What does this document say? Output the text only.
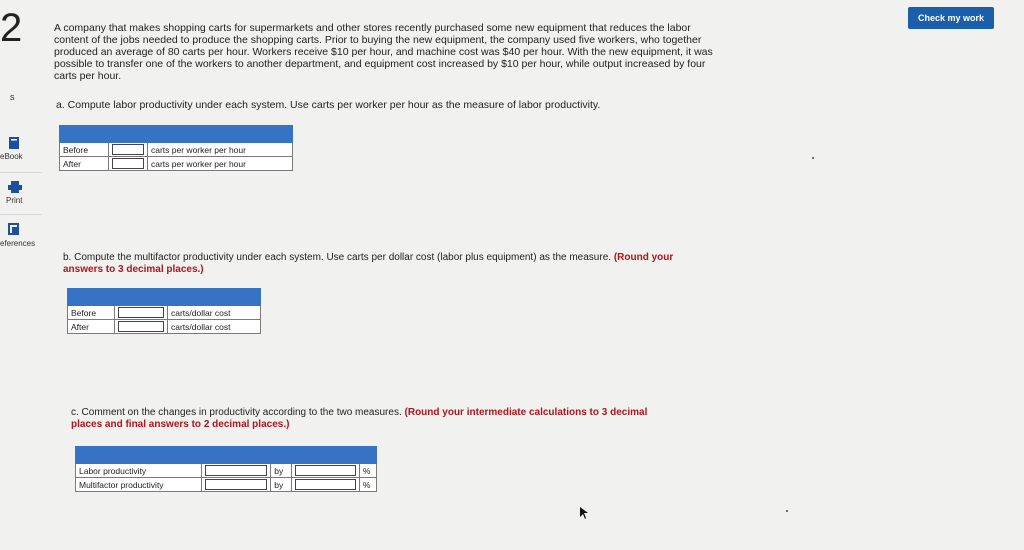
2
s
eBook
Print
eferences
Check my work
A company that makes shopping carts for supermarkets and other stores recently purchased some new equipment that reduces the labor content of the jobs needed to produce the shopping carts. Prior to buying the new equipment, the company used five workers, who together produced an average of 80 carts per hour. Workers receive $10 per hour, and machine cost was $40 per hour. With the new equipment, it was possible to transfer one of the workers to another department, and equipment cost increased by $10 per hour, while output increased by four carts per hour.
a. Compute labor productivity under each system. Use carts per worker per hour as the measure of labor productivity.

Before		carts per worker per hour
After		carts per worker per hour
b. Compute the multifactor productivity under each system. Use carts per dollar cost (labor plus equipment) as the measure. (Round your answers to 3 decimal places.)

Before		carts/dollar cost
After		carts/dollar cost
c. Comment on the changes in productivity according to the two measures. (Round your intermediate calculations to 3 decimal places and final answers to 2 decimal places.)

Labor productivity		by		%
Multifactor productivity		by		%
